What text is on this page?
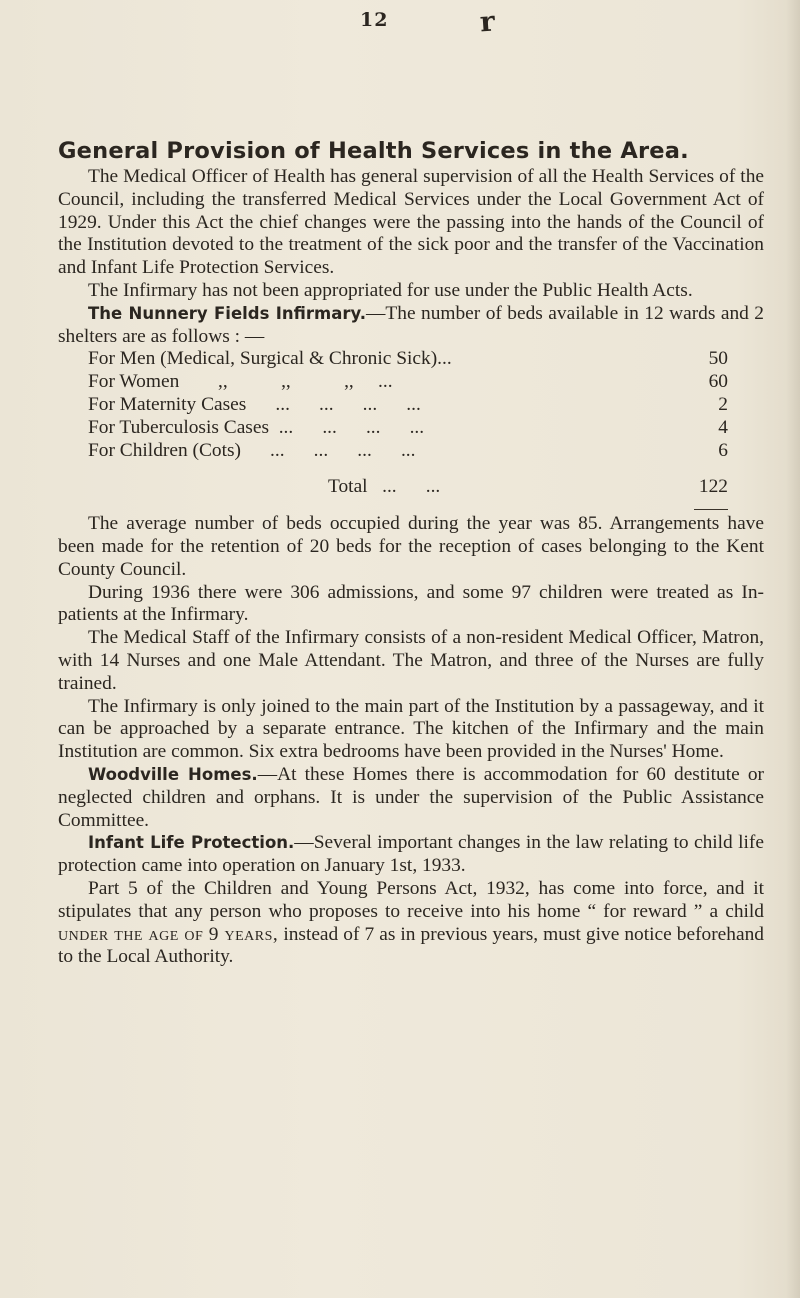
12	r
General Provision of Health Services in the Area.

The Medical Officer of Health has general supervision of all the Health Services of the Council, including the transferred Medical Services under the Local Government Act of 1929. Under this Act the chief changes were the passing into the hands of the Council of the Institution devoted to the treatment of the sick poor and the transfer of the Vaccination and Infant Life Protection Services.

The Infirmary has not been appropriated for use under the Public Health Acts.

The Nunnery Fields Infirmary.—The number of beds available in 12 wards and 2 shelters are as follows : —

For Men (Medical, Surgical & Chronic Sick)...	50
For Women        ,,           ,,           ,,     ...	60
For Maternity Cases      ...      ...      ...      ...	2
For Tuberculosis Cases  ...      ...      ...      ...	4
For Children (Cots)      ...      ...      ...      ...	6

Total   ...      ...	122

The average number of beds occupied during the year was 85. Arrangements have been made for the retention of 20 beds for the reception of cases belonging to the Kent County Council.

During 1936 there were 306 admissions, and some 97 children were treated as In-patients at the Infirmary.

The Medical Staff of the Infirmary consists of a non-resident Medical Officer, Matron, with 14 Nurses and one Male Attendant. The Matron, and three of the Nurses are fully trained.

The Infirmary is only joined to the main part of the Institution by a passageway, and it can be approached by a separate entrance. The kitchen of the Infirmary and the main Institution are common. Six extra bedrooms have been provided in the Nurses' Home.

Woodville Homes.—At these Homes there is accommodation for 60 destitute or neglected children and orphans. It is under the supervision of the Public Assistance Committee.

Infant Life Protection.—Several important changes in the law relating to child life protection came into operation on January 1st, 1933.

Part 5 of the Children and Young Persons Act, 1932, has come into force, and it stipulates that any person who proposes to receive into his home “ for reward ” a child under the age of 9 years, instead of 7 as in previous years, must give notice beforehand to the Local Authority.
